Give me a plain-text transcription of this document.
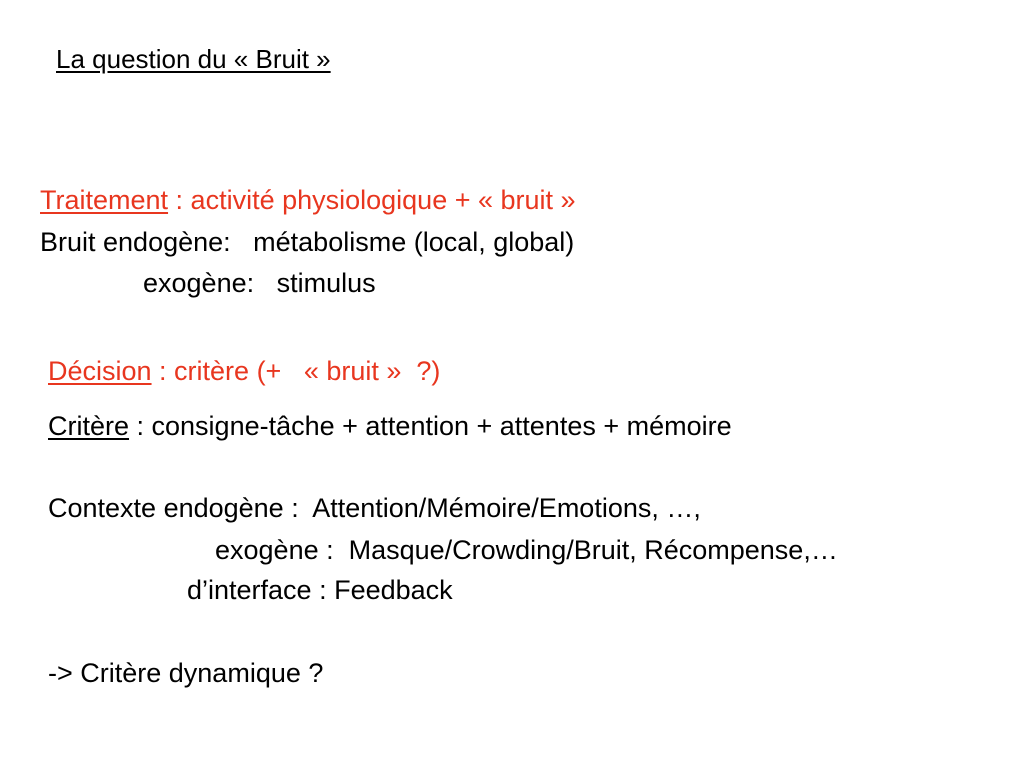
La question du « Bruit »
Traitement : activité physiologique + « bruit »
Bruit endogène:   métabolisme (local, global)
exogène:   stimulus
Décision : critère (+   « bruit »  ?)
Critère : consigne-tâche + attention + attentes + mémoire
Contexte endogène :  Attention/Mémoire/Emotions, …,
exogène :  Masque/Crowding/Bruit, Récompense,…
d’interface : Feedback
-> Critère dynamique ?
